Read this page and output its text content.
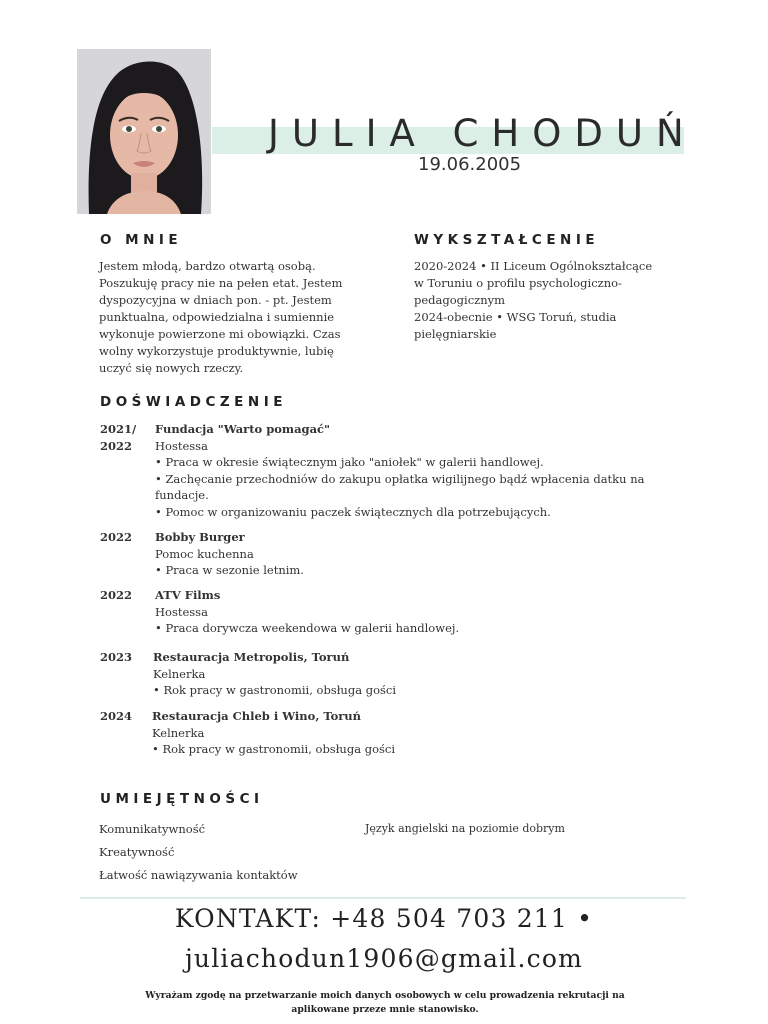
JULIA CHODUŃ
19.06.2005
O MNIE
Jestem młodą, bardzo otwartą osobą.
Poszukuję pracy nie na pełen etat. Jestem
dyspozycyjna w dniach pon. - pt. Jestem
punktualna, odpowiedzialna i sumiennie
wykonuje powierzone mi obowiązki. Czas
wolny wykorzystuje produktywnie, lubię
uczyć się nowych rzeczy.
WYKSZTAŁCENIE
2020-2024 • II Liceum Ogólnokształcące
w Toruniu o profilu psychologiczno-
pedagogicznym
2024-obecnie • WSG Toruń, studia
pielęgniarskie
DOŚWIADCZENIE
2021/
2022
Fundacja "Warto pomagać"
Hostessa
• Praca w okresie świątecznym jako "aniołek" w galerii handlowej.
• Zachęcanie przechodniów do zakupu opłatka wigilijnego bądź wpłacenia datku na
fundacje.
• Pomoc w organizowaniu paczek świątecznych dla potrzebujących.
2022 Bobby Burger
Pomoc kuchenna
• Praca w sezonie letnim.
2022 ATV Films
Hostessa
• Praca dorywcza weekendowa w galerii handlowej.
2023 Restauracja Metropolis, Toruń
Kelnerka
• Rok pracy w gastronomii, obsługa gości
2024 Restauracja Chleb i Wino, Toruń
Kelnerka
• Rok pracy w gastronomii, obsługa gości
UMIEJĘTNOŚCI
Komunikatywność
Kreatywność
Łatwość nawiązywania kontaktów
Język angielski na poziomie dobrym
KONTAKT: +48 504 703 211 •
juliachodun1906@gmail.com
Wyrażam zgodę na przetwarzanie moich danych osobowych w celu prowadzenia rekrutacji na
aplikowane przeze mnie stanowisko.
